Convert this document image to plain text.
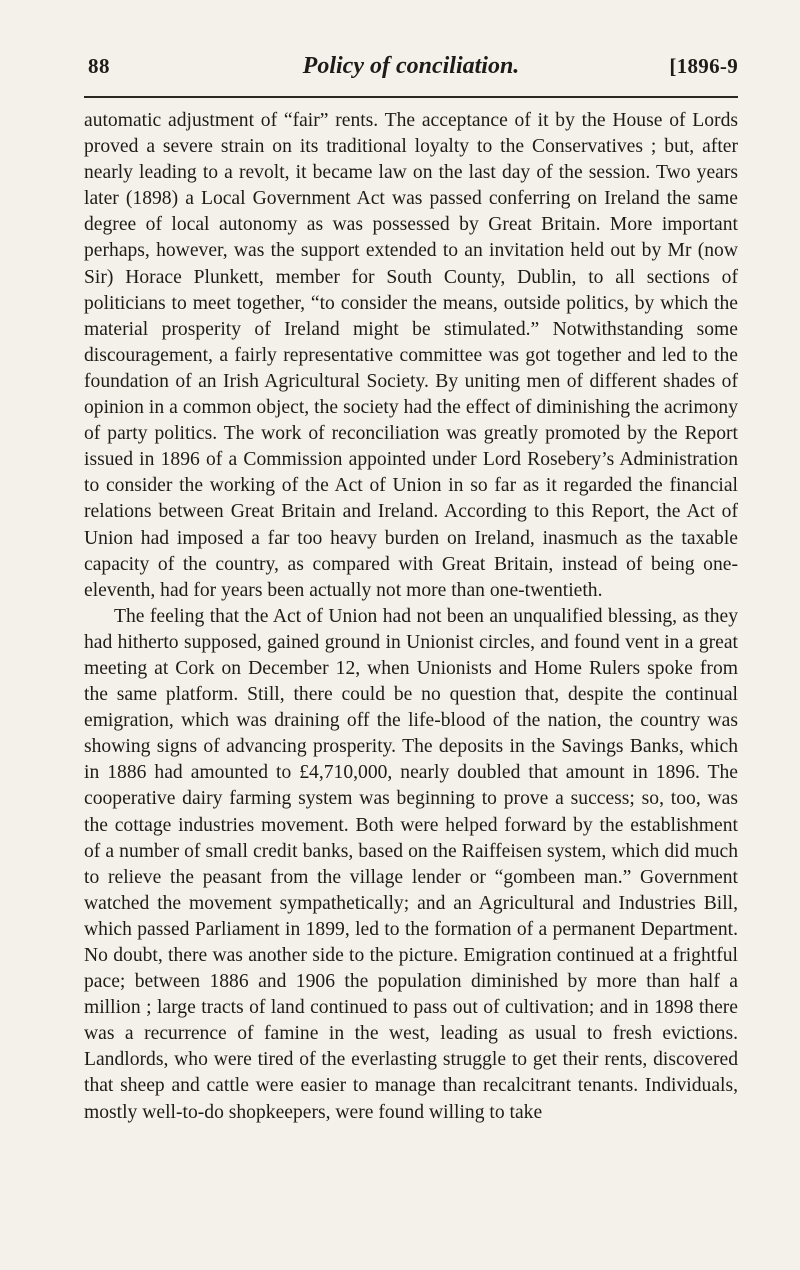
88	Policy of conciliation.	[1896-9

automatic adjustment of “fair” rents. The acceptance of it by the House of Lords proved a severe strain on its traditional loyalty to the Conservatives ; but, after nearly leading to a revolt, it became law on the last day of the session. Two years later (1898) a Local Government Act was passed conferring on Ireland the same degree of local autonomy as was possessed by Great Britain. More important perhaps, however, was the support extended to an invitation held out by Mr (now Sir) Horace Plunkett, member for South County, Dublin, to all sections of politicians to meet together, “to consider the means, outside politics, by which the material prosperity of Ireland might be stimulated.” Notwithstanding some discouragement, a fairly representative committee was got together and led to the foundation of an Irish Agricultural Society. By uniting men of different shades of opinion in a common object, the society had the effect of diminishing the acrimony of party politics. The work of reconciliation was greatly promoted by the Report issued in 1896 of a Commission appointed under Lord Rosebery’s Administration to consider the working of the Act of Union in so far as it regarded the financial relations between Great Britain and Ireland. According to this Report, the Act of Union had imposed a far too heavy burden on Ireland, inasmuch as the taxable capacity of the country, as compared with Great Britain, instead of being one-eleventh, had for years been actually not more than one-twentieth.

The feeling that the Act of Union had not been an unqualified blessing, as they had hitherto supposed, gained ground in Unionist circles, and found vent in a great meeting at Cork on December 12, when Unionists and Home Rulers spoke from the same platform. Still, there could be no question that, despite the continual emigration, which was draining off the life-blood of the nation, the country was showing signs of advancing prosperity. The deposits in the Savings Banks, which in 1886 had amounted to £4,710,000, nearly doubled that amount in 1896. The cooperative dairy farming system was beginning to prove a success; so, too, was the cottage industries movement. Both were helped forward by the establishment of a number of small credit banks, based on the Raiffeisen system, which did much to relieve the peasant from the village lender or “gombeen man.” Government watched the movement sympathetically; and an Agricultural and Industries Bill, which passed Parliament in 1899, led to the formation of a permanent Department. No doubt, there was another side to the picture. Emigration continued at a frightful pace; between 1886 and 1906 the population diminished by more than half a million ; large tracts of land continued to pass out of cultivation; and in 1898 there was a recurrence of famine in the west, leading as usual to fresh evictions. Landlords, who were tired of the everlasting struggle to get their rents, discovered that sheep and cattle were easier to manage than recalcitrant tenants. Individuals, mostly well-to-do shopkeepers, were found willing to take
